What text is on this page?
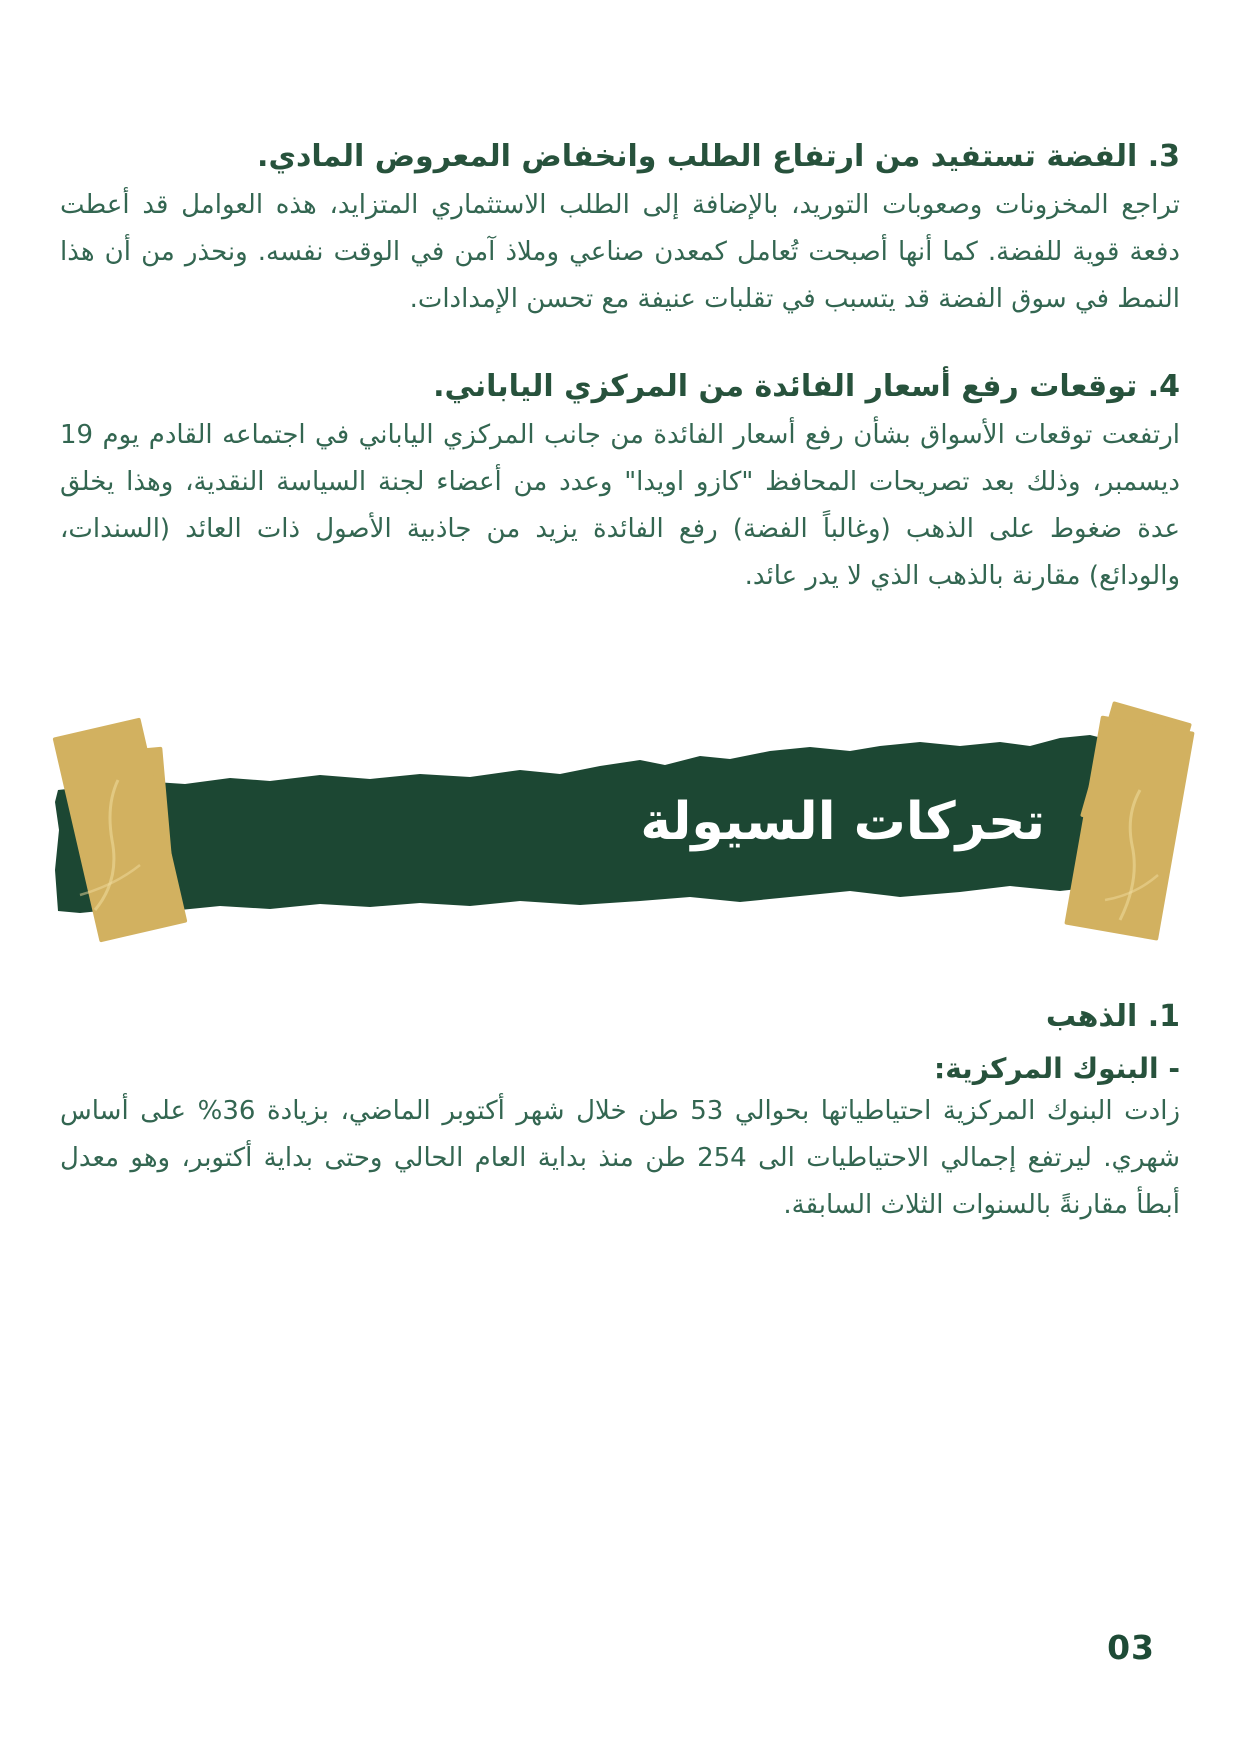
3. الفضة تستفيد من ارتفاع الطلب وانخفاض المعروض المادي.

تراجع المخزونات وصعوبات التوريد، بالإضافة إلى الطلب الاستثماري المتزايد، هذه العوامل قد أعطت دفعة قوية للفضة. كما أنها أصبحت تُعامل كمعدن صناعي وملاذ آمن في الوقت نفسه. ونحذر من أن هذا النمط في سوق الفضة قد يتسبب في تقلبات عنيفة مع تحسن الإمدادات.

4. توقعات رفع أسعار الفائدة من المركزي الياباني.

ارتفعت توقعات الأسواق بشأن رفع أسعار الفائدة من جانب المركزي الياباني في اجتماعه القادم يوم 19 ديسمبر، وذلك بعد تصريحات المحافظ "كازو اويدا" وعدد من أعضاء لجنة السياسة النقدية، وهذا يخلق عدة ضغوط على الذهب (وغالباً الفضة) رفع الفائدة يزيد من جاذبية الأصول ذات العائد (السندات، والودائع) مقارنة بالذهب الذي لا يدر عائد.

تحركات السيولة
1. الذهب
- البنوك المركزية:

زادت البنوك المركزية احتياطياتها بحوالي 53 طن خلال شهر أكتوبر الماضي، بزيادة 36% على أساس شهري. ليرتفع إجمالي الاحتياطيات الى 254 طن منذ بداية العام الحالي وحتى بداية أكتوبر، وهو معدل أبطأ مقارنةً بالسنوات الثلاث السابقة.

03
